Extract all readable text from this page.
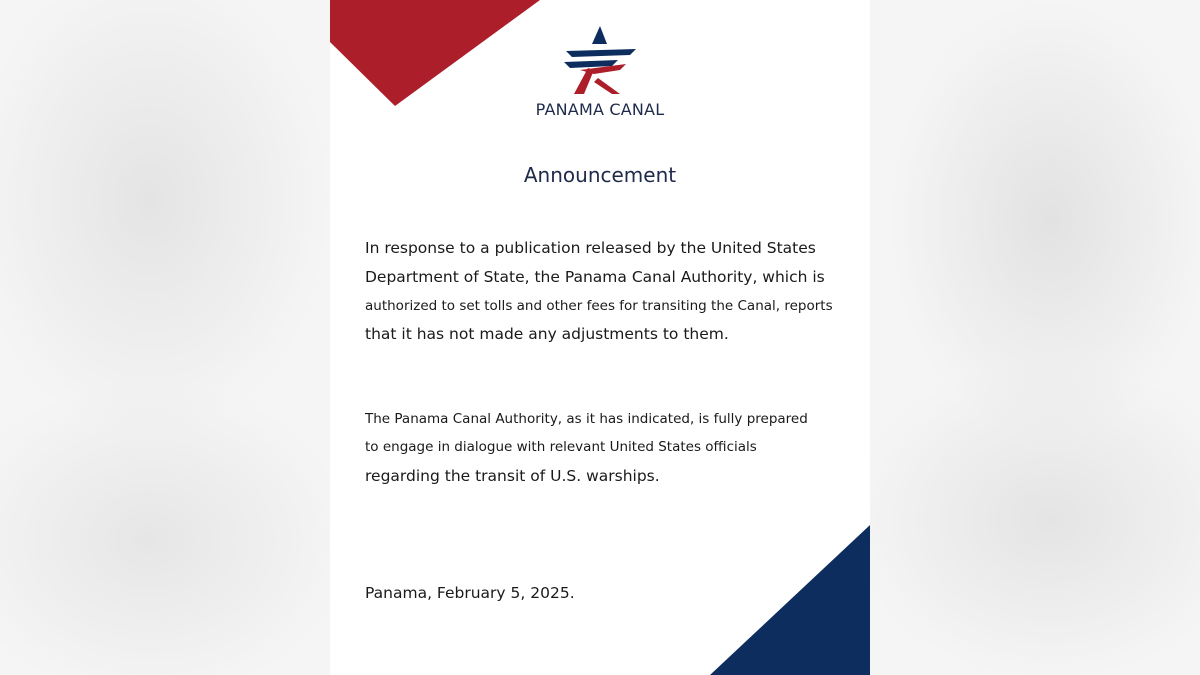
PANAMA CANAL
Announcement
In response to a publication released by the United States
Department of State, the Panama Canal Authority, which is
authorized to set tolls and other fees for transiting the Canal, reports
that it has not made any adjustments to them.
The Panama Canal Authority, as it has indicated, is fully prepared
to engage in dialogue with relevant United States officials
regarding the transit of U.S. warships.
Panama, February 5, 2025.
